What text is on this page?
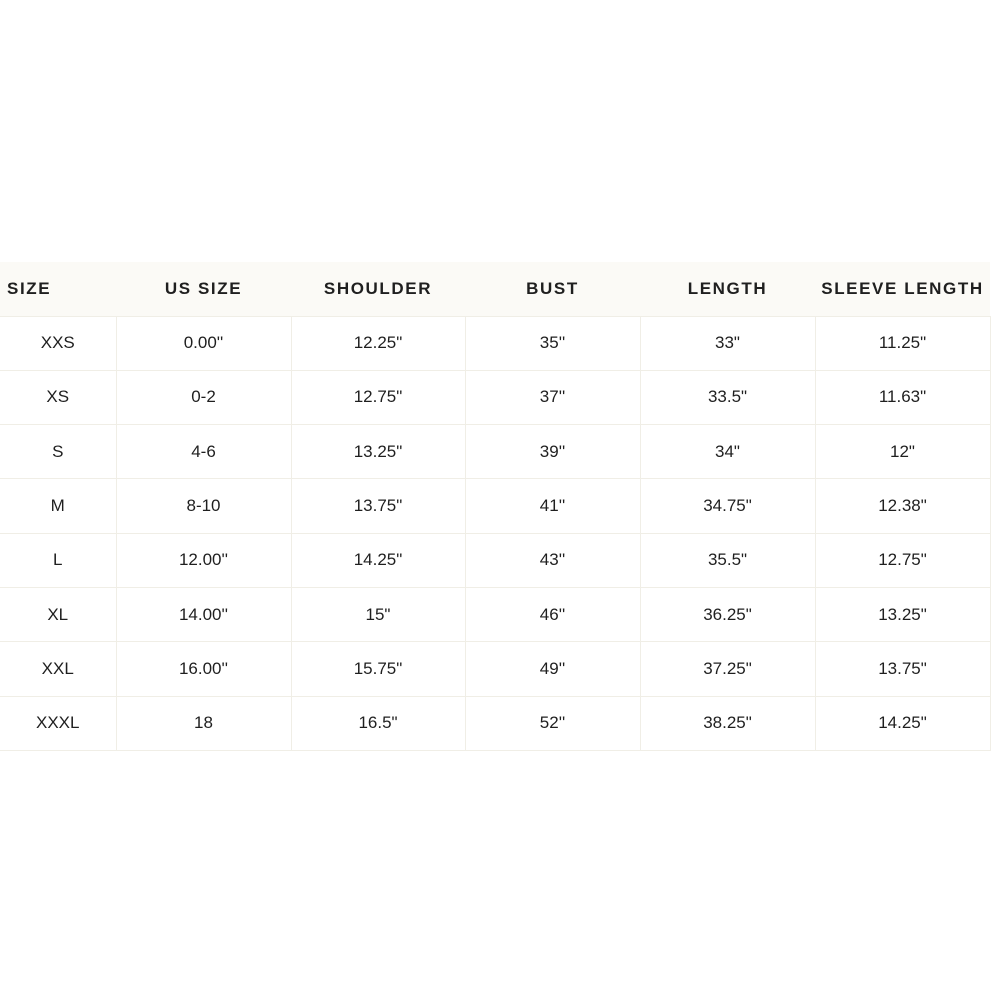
SIZE	US SIZE	SHOULDER	BUST	LENGTH	SLEEVE LENGTH
XXS	0.00''	12.25"	35''	33"	11.25"
XS	0-2	12.75"	37''	33.5"	11.63"
S	4-6	13.25"	39''	34"	12"
M	8-10	13.75"	41''	34.75"	12.38"
L	12.00''	14.25"	43''	35.5"	12.75"
XL	14.00''	15"	46''	36.25"	13.25"
XXL	16.00''	15.75"	49''	37.25"	13.75"
XXXL	18	16.5"	52''	38.25"	14.25"
